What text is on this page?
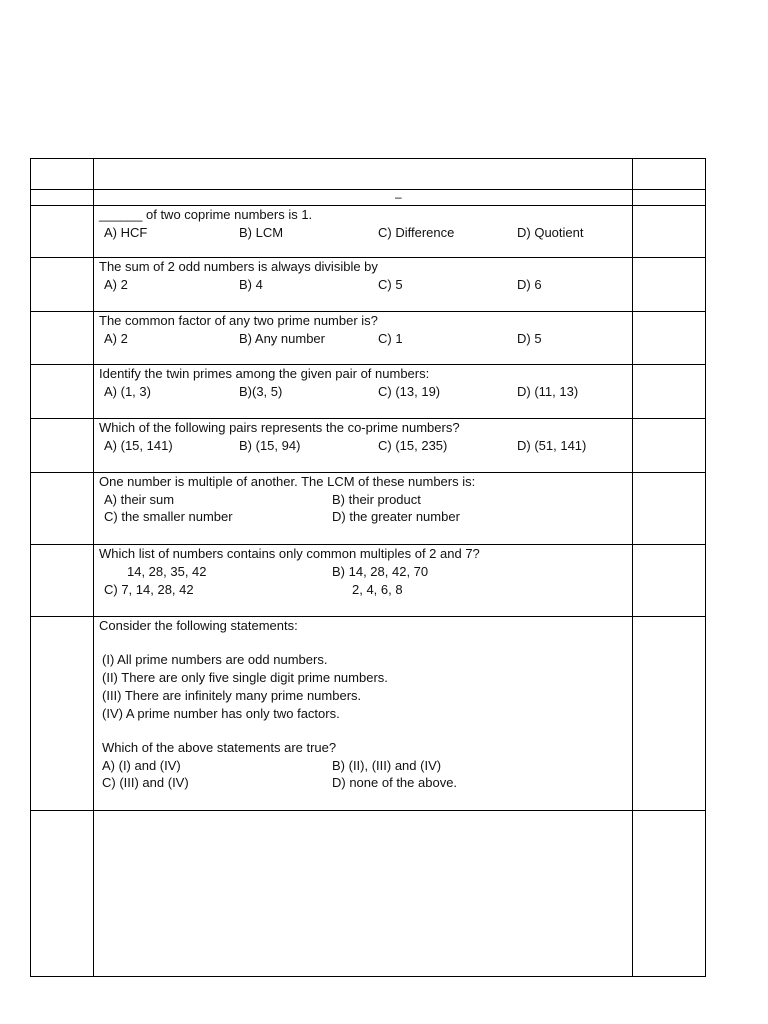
–
______ of two coprime numbers is 1.
A) HCF	B) LCM	C) Difference	D) Quotient
The sum of 2 odd numbers is always divisible by
A) 2	B) 4	C) 5	D) 6
The common factor of any two prime number is?
A) 2	B) Any number	C) 1	D) 5
Identify the twin primes among the given pair of numbers:
A) (1, 3)	B)(3, 5)	C) (13, 19)	D) (11, 13)
Which of the following pairs represents the co-prime numbers?
A) (15, 141)	B) (15, 94)	C) (15, 235)	D) (51, 141)
One number is multiple of another. The LCM of these numbers is:
A) their sum	B) their product
C) the smaller number	D) the greater number
Which list of numbers contains only common multiples of 2 and 7?
14, 28, 35, 42	B) 14, 28, 42, 70
C) 7, 14, 28, 42	2, 4, 6, 8
Consider the following statements:
(I) All prime numbers are odd numbers.
(II) There are only five single digit prime numbers.
(III) There are infinitely many prime numbers.
(IV) A prime number has only two factors.
Which of the above statements are true?
A) (I) and (IV)	B) (II), (III) and (IV)
C) (III) and (IV)	D) none of the above.
